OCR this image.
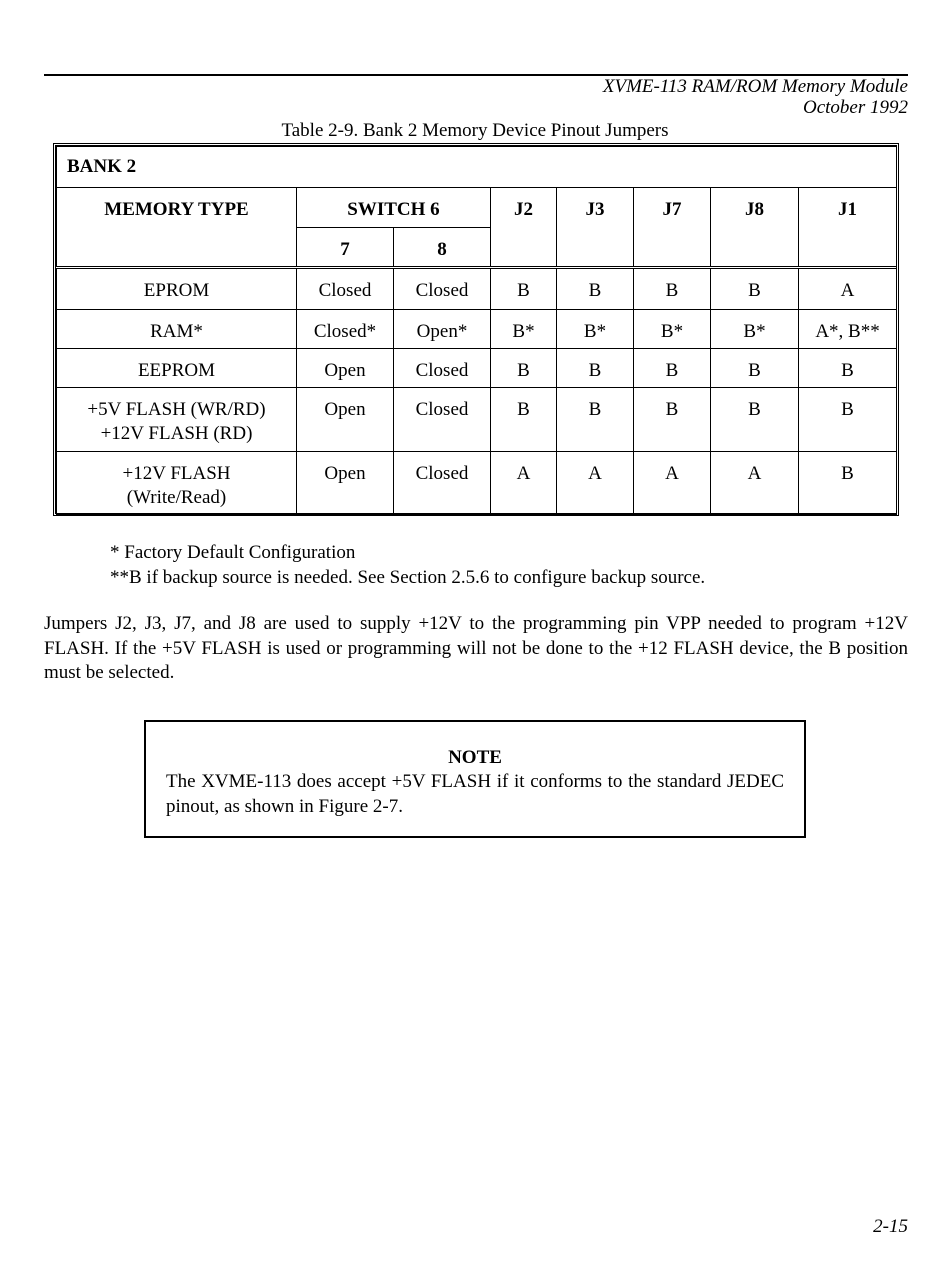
XVME-113 RAM/ROM Memory Module
October 1992
Table 2-9. Bank 2 Memory Device Pinout Jumpers
BANK 2							
MEMORY TYPE	SWITCH 6		J2	J3	J7	J8	J1
	7	8					
EPROM	Closed	Closed	B	B	B	B	A
RAM*	Closed*	Open*	B*	B*	B*	B*	A*, B**
EEPROM	Open	Closed	B	B	B	B	B

+5V FLASH (WR/RD)
+12V FLASH (RD)	Open	Closed	B	B	B	B	B

+12V FLASH
(Write/Read)	Open	Closed	A	A	A	A	B
* Factory Default Configuration
**B if backup source is needed. See Section 2.5.6 to configure backup source.
Jumpers J2, J3, J7, and J8 are used to supply +12V to the programming pin VPP needed to program +12V FLASH. If the +5V FLASH is used or programming will not be done to the +12 FLASH device, the B position must be selected.
NOTE
The XVME-113 does accept +5V FLASH if it conforms to the standard JEDEC pinout, as shown in Figure 2-7.
2-15
